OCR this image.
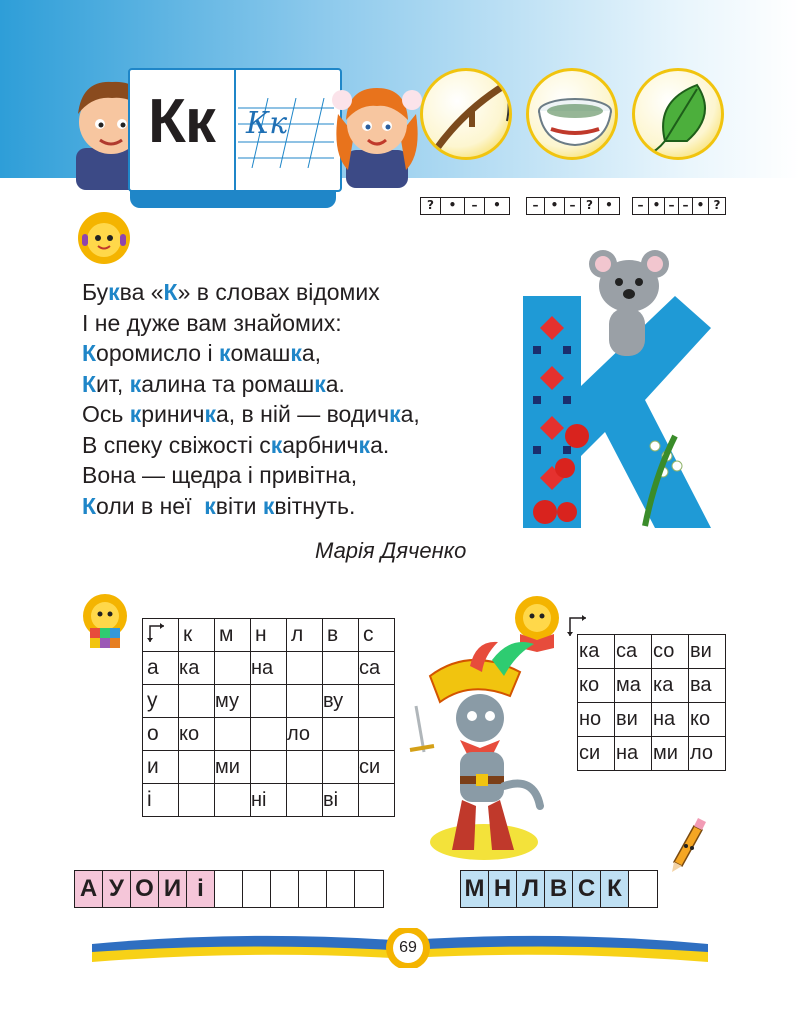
Кк Кк
?	•	–	•	–	• – ?	•	– • – – • ?
Буква «К» в словах відомих
І не дуже вам знайомих:
Коромисло і комашка,
Кит, калина та ромашка.
Ось криничка, в ній — водичка,
В спеку свіжості скарбничка.
Вона — щедра і привітна,
Коли в неї  квіти квітнуть.
Марія Дяченко
	к	м	н	л	в	с
а	ка		на			са
у		му			ву	
о	ко			ло		
и		ми				си
і			ні		ві	
ка	са	со	ви
ко	ма	ка	ва
но	ви	на	ко
си	на	ми	ло
А У О И і	М Н Л В С К
69
